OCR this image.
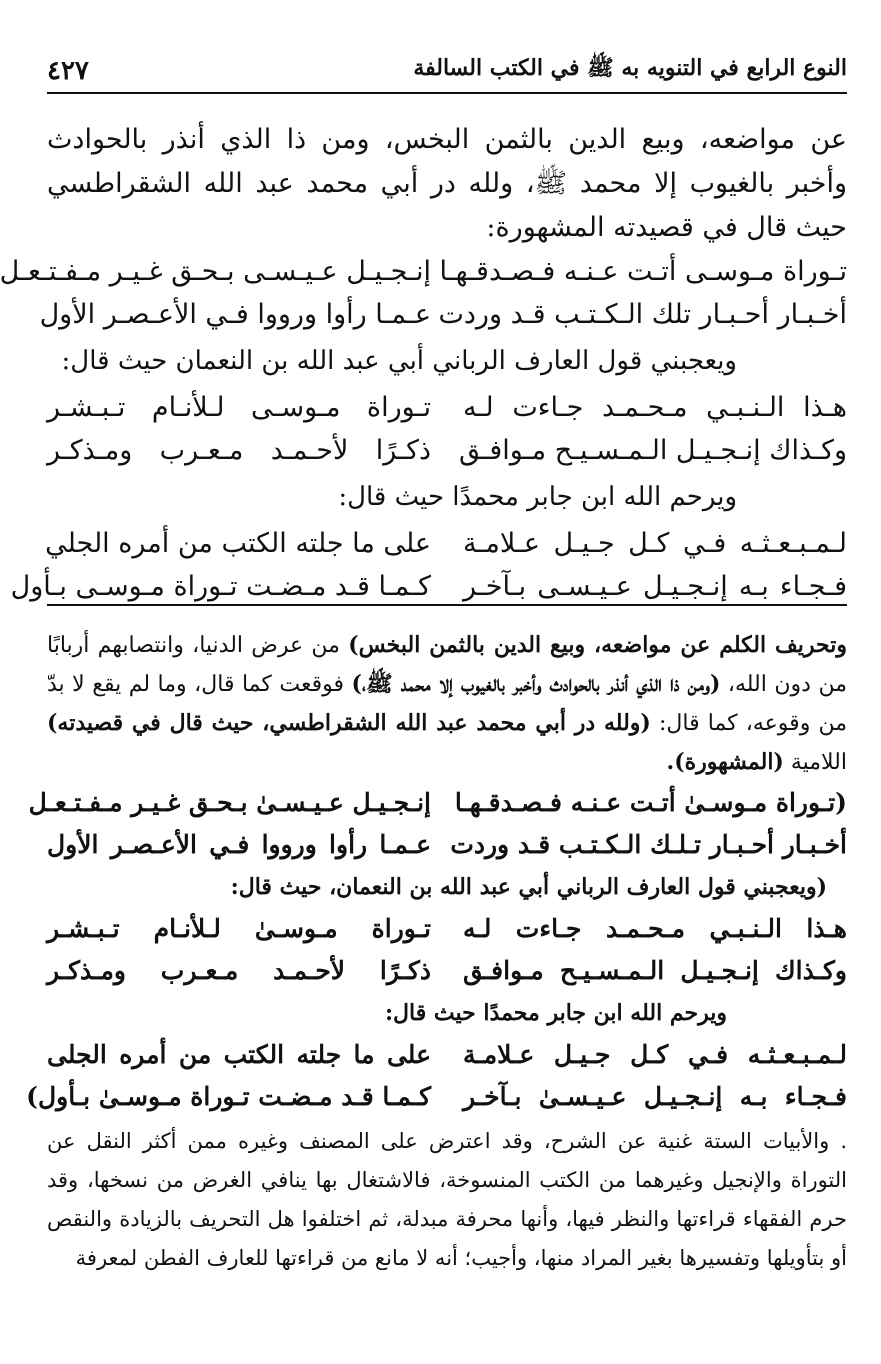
النوع الرابع في التنويه به ﷺ في الكتب السالفة
٤٢٧

عن مواضعه، وبيع الدين بالثمن البخس، ومن ذا الذي أنذر بالحوادث وأخبر بالغيوب إلا محمد ﷺ، ولله در أبي محمد عبد الله الشقراطسي حيث قال في قصيدته المشهورة:

تـوراة مـوسـى أتـت عـنـه فـصـدقـهـا
إنـجـيـل عـيـسـى بـحـق غـيـر مـفـتـعـل
أخـبـار أحـبـار تلك الـكـتـب قـد وردت
عـمـا رأوا ورووا فـي الأعـصـر الأول

ويعجبني قول العارف الرباني أبي عبد الله بن النعمان حيث قال:

هـذا الـنـبـي مـحـمـد جـاءت لـه
تـوراة مـوسـى لـلأنـام تـبـشـر
وكـذاك إنـجـيـل الـمـسـيـح مـوافـق
ذكـرًا لأحـمـد مـعـرب ومـذكـر

ويرحم الله ابن جابر محمدًا حيث قال:

لـمـبـعـثـه فـي كـل جـيـل عـلامـة
على ما جلته الكتب من أمره الجلي
فـجـاء بـه إنـجـيـل عـيـسـى بـآخـر
كـمـا قـد مـضـت تـوراة مـوسـى بـأول

وتحريف الكلم عن مواضعه، وبيع الدين بالثمن البخس) من عرض الدنيا، وانتصابهم أربابًا من دون الله، (ومن ذا الذي أنذر بالحوادث وأخبر بالغيوب إلا محمد ﷺ،) فوقعت كما قال، وما لم يقع لا بدّ من وقوعه، كما قال: (ولله در أبي محمد عبد الله الشقراطسي، حيث قال في قصيدته) اللامية (المشهورة).

(تـوراة مـوسـىٰ أتـت عـنـه فـصـدقـهـا
إنـجـيـل عـيـسـىٰ بـحـق غـيـر مـفـتـعـل
أخـبـار أحـبـار تـلـك الـكـتـب قـد وردت
عـمـا رأوا ورووا فـي الأعـصـر الأول

(ويعجبني قول العارف الرباني أبي عبد الله بن النعمان، حيث قال:

هـذا الـنـبـي مـحـمـد جـاءت لـه
تـوراة مـوسـىٰ لـلأنـام تـبـشـر
وكـذاك إنـجـيـل الـمـسـيـح مـوافـق
ذكـرًا لأحـمـد مـعـرب ومـذكـر

ويرحم الله ابن جابر محمدًا حيث قال:

لـمـبـعـثـه فـي كـل جـيـل عـلامـة
على ما جلته الكتب من أمره الجلى
فـجـاء بـه إنـجـيـل عـيـسـىٰ بـآخـر
كـمـا قـد مـضـت تـوراة مـوسـىٰ بـأول)

. والأبيات الستة غنية عن الشرح، وقد اعترض على المصنف وغيره ممن أكثر النقل عن التوراة والإنجيل وغيرهما من الكتب المنسوخة، فالاشتغال بها ينافي الغرض من نسخها، وقد حرم الفقهاء قراءتها والنظر فيها، وأنها محرفة مبدلة، ثم اختلفوا هل التحريف بالزيادة والنقص أو بتأويلها وتفسيرها بغير المراد منها، وأجيب؛ أنه لا مانع من قراءتها للعارف الفطن لمعرفة
